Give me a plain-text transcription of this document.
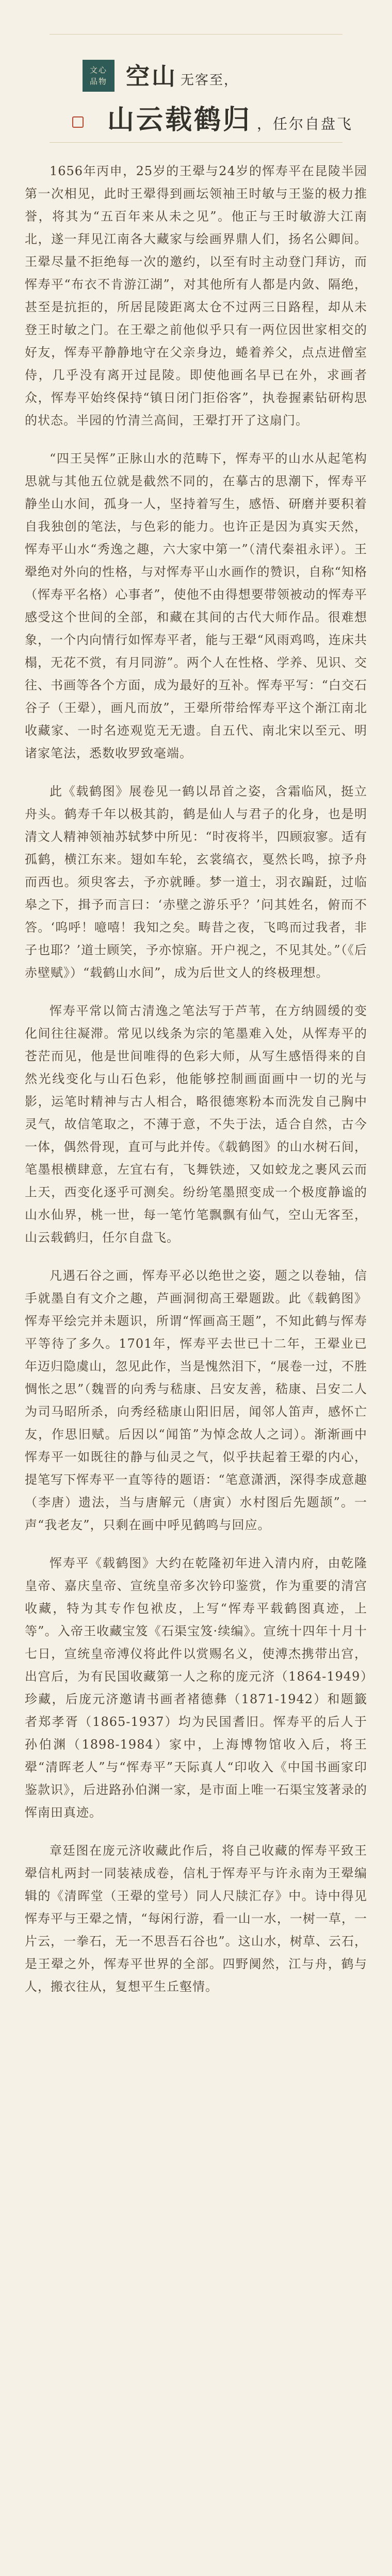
文心
品物 空山 无客至，
山云载鹤归 ，任尔自盘飞

1656年丙申，25岁的王翚与24岁的恽寿平在昆陵半园第一次相见，此时王翚得到画坛领袖王时敏与王鉴的极力推誉，将其为“五百年来从未之见”。他正与王时敏游大江南北，遂一拜见江南各大藏家与绘画界鼎人们，扬名公卿间。王翚尽量不拒绝每一次的邀约，以至有时主动登门拜访，而恽寿平“布衣不肯游江湖”，对其他所有人都是内敛、隔绝，甚至是抗拒的，所居昆陵距离太仓不过两三日路程，却从未登王时敏之门。在王翚之前他似乎只有一两位因世家相交的好友，恽寿平静静地守在父亲身边，蜷着养父，点点进僧室侍，几乎没有离开过昆陵。即使他画名早已在外，求画者众，恽寿平始终保持“镇日闭门拒俗客”，执卷握素钻研构思的状态。半园的竹清兰高间，王翚打开了这扇门。

“四王吴恽”正脉山水的范畴下，恽寿平的山水从起笔构思就与其他五位就是截然不同的，在摹古的思潮下，恽寿平静坐山水间，孤身一人，坚持着写生，感悟、研磨并要积着自我独创的笔法，与色彩的能力。也许正是因为真实天然，恽寿平山水“秀逸之趣，六大家中第一”（清代秦祖永评）。王翚绝对外向的性格，与对恽寿平山水画作的赞识，自称“知格（恽寿平名格）心事者”，使他不由得想要带领被动的恽寿平感受这个世间的全部，和藏在其间的古代大师作品。很难想象，一个内向情行如恽寿平者，能与王翚“风雨鸡鸣，连床共榻，无花不赏，有月同游”。两个人在性格、学养、见识、交往、书画等各个方面，成为最好的互补。恽寿平写：“白交石谷子（王翚），画凡而放”，王翚所带给恽寿平这个渐江南北收藏家、一时名迹观览无无遗。自五代、南北宋以至元、明诸家笔法，悉数收罗致毫端。

此《载鹤图》展卷见一鹤以昂首之姿，含霜临风，挺立舟头。鹤寿千年以极其韵，鹤是仙人与君子的化身，也是明清文人精神领袖苏轼梦中所见：“时夜将半，四顾寂寥。适有孤鹤，横江东来。翅如车轮，玄裳缟衣，戛然长鸣，掠予舟而西也。须臾客去，予亦就睡。梦一道士，羽衣蹁跹，过临皋之下，揖予而言曰：‘赤壁之游乐乎？’问其姓名，俯而不答。‘呜呼！噫嘻！我知之矣。畴昔之夜，飞鸣而过我者，非子也耶？’道士顾笑，予亦惊寤。开户视之，不见其处。”（《后赤壁赋》）“载鹤山水间”，成为后世文人的终极理想。

恽寿平常以简古清逸之笔法写于芦苇，在方纳圆缓的变化间往往凝滞。常见以线条为宗的笔墨难入处，从恽寿平的苍茫而见，他是世间唯得的色彩大师，从写生感悟得来的自然光线变化与山石色彩，他能够控制画面画中一切的光与影，运笔时精神与古人相合，略很德寒粉本而洗发自己胸中灵气，故信笔取之，不薄于意，不失于法，适合自然，古今一体，偶然骨现，直可与此并传。《载鹤图》的山水树石间，笔墨根横肆意，左宜右有，飞舞铁迹，又如蛟龙之裹风云而上天，西变化逐乎可测矣。纷纷笔墨照变成一个极度静谧的山水仙界，桃一世，每一笔竹笔飘飘有仙气，空山无客至，山云载鹤归，任尔自盘飞。

凡遇石谷之画，恽寿平必以绝世之姿，题之以卷轴，信手就墨自有文介之趣，芦画洞彻高王翚题跋。此《载鹤图》恽寿平绘完并未题识，所谓“恽画高王题”，不知此鹤与恽寿平等待了多久。1701年，恽寿平去世已十二年，王翚业已年迈归隐虞山，忽见此作，当是愧然泪下，“展卷一过，不胜惆怅之思”（魏晋的向秀与嵇康、吕安友善，嵇康、吕安二人为司马昭所杀，向秀经嵇康山阳旧居，闻邻人笛声，感怀亡友，作思旧赋。后因以“闻笛”为悼念故人之词）。渐渐画中恽寿平一如既往的静与仙灵之气，似乎扶起着王翚的内心，提笔写下恽寿平一直等待的题语：“笔意潇洒，深得李成意趣（李唐）遗法，当与唐解元（唐寅）水村图后先题颉”。一声“我老友”，只剩在画中呼见鹤鸣与回应。

恽寿平《载鹤图》大约在乾隆初年进入清内府，由乾隆皇帝、嘉庆皇帝、宣统皇帝多次钤印鉴赏，作为重要的清宫收藏，特为其专作包袱皮，上写“恽寿平载鹤图真迹，上等”。入帝王收藏宝笈《石渠宝笈·续编》。宣统十四年十月十七日，宣统皇帝溥仪将此件以赏赐名义，使溥杰携带出宫，出宫后，为有民国收藏第一人之称的庞元济（1864-1949）珍藏，后庞元济邀请书画者褚德彝（1871-1942）和题籤者郑孝胥（1865-1937）均为民国耆旧。恽寿平的后人于孙伯渊（1898-1984）家中，上海博物馆收入后，将王翚“清晖老人”与“恽寿平”天际真人“印收入《中国书画家印鉴款识》，后进路孙伯渊一家，是市面上唯一石渠宝笈著录的恽南田真迹。

章廷图在庞元济收藏此作后，将自己收藏的恽寿平致王翚信札两封一同装裱成卷，信札于恽寿平与许永南为王翚编辑的《清晖堂（王翚的堂号）同人尺牍汇存》中。诗中得见恽寿平与王翚之情，“每闲行游，看一山一水，一树一草，一片云，一拳石，无一不思吾石谷也”。这山水，树草、云石，是王翚之外，恽寿平世界的全部。四野阒然，江与舟，鹤与人，搬衣往从，复想平生丘壑情。
